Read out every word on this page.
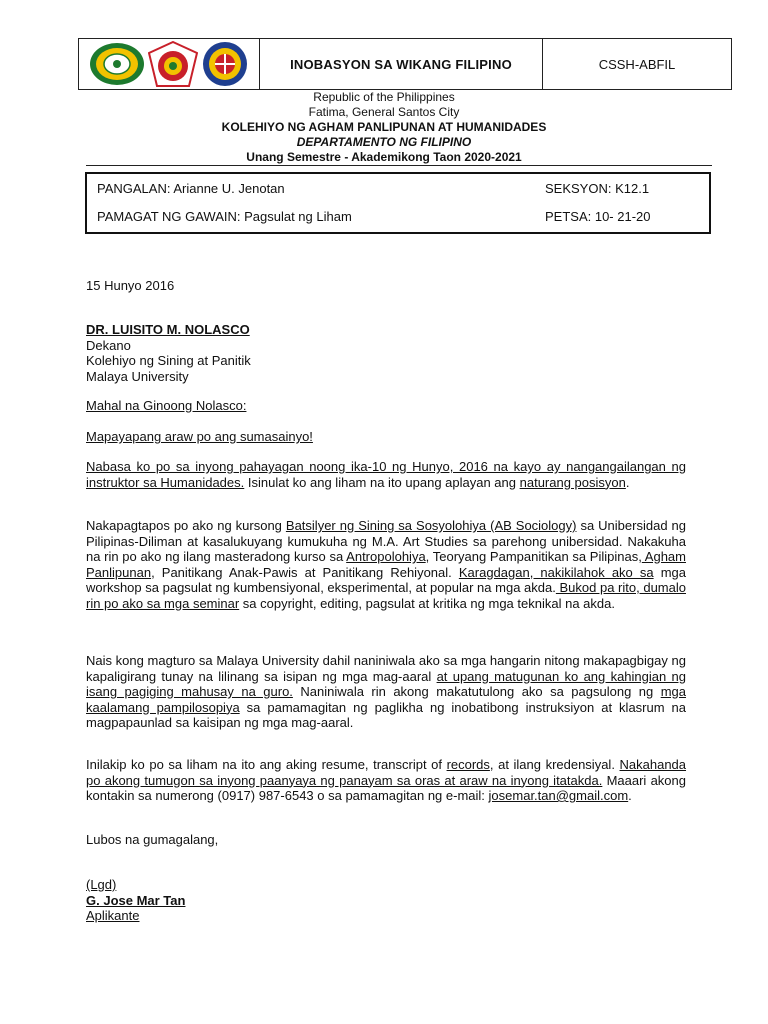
INOBASYON SA WIKANG FILIPINO	CSSH-ABFIL
Republic of the Philippines
Fatima, General Santos City
KOLEHIYO NG AGHAM PANLIPUNAN AT HUMANIDADES
DEPARTAMENTO NG FILIPINO
Unang Semestre - Akademikong Taon 2020-2021
PANGALAN: Arianne U. Jenotan	SEKSYON: K12.1
PAMAGAT NG GAWAIN: Pagsulat ng Liham	PETSA: 10- 21-20

15 Hunyo 2016

DR. LUISITO M. NOLASCO
Dekano
Kolehiyo ng Sining at Panitik
Malaya University

Mahal na Ginoong Nolasco:

Mapayapang araw po ang sumasainyo!

Nabasa ko po sa inyong pahayagan noong ika-10 ng Hunyo, 2016 na kayo ay nangangailangan ng instruktor sa Humanidades. Isinulat ko ang liham na ito upang aplayan ang naturang posisyon.

Nakapagtapos po ako ng kursong Batsilyer ng Sining sa Sosyolohiya (AB Sociology) sa Unibersidad ng Pilipinas-Diliman at kasalukuyang kumukuha ng M.A. Art Studies sa parehong unibersidad. Nakakuha na rin po ako ng ilang masteradong kurso sa Antropolohiya, Teoryang Pampanitikan sa Pilipinas, Agham Panlipunan, Panitikang Anak-Pawis at Panitikang Rehiyonal. Karagdagan, nakikilahok ako sa mga workshop sa pagsulat ng kumbensiyonal, eksperimental, at popular na mga akda. Bukod pa rito, dumalo rin po ako sa mga seminar sa copyright, editing, pagsulat at kritika ng mga teknikal na akda.

Nais kong magturo sa Malaya University dahil naniniwala ako sa mga hangarin nitong makapagbigay ng kapaligirang tunay na lilinang sa isipan ng mga mag-aaral at upang matugunan ko ang kahingian ng isang pagiging mahusay na guro. Naniniwala rin akong makatutulong ako sa pagsulong ng mga kaalamang pampilosopiya sa pamamagitan ng paglikha ng inobatibong instruksiyon at klasrum na magpapaunlad sa kaisipan ng mga mag-aaral.

Inilakip ko po sa liham na ito ang aking resume, transcript of records, at ilang kredensiyal. Nakahanda po akong tumugon sa inyong paanyaya ng panayam sa oras at araw na inyong itatakda. Maaari akong kontakin sa numerong (0917) 987-6543 o sa pamamagitan ng e-mail: josemar.tan@gmail.com.

Lubos na gumagalang,

(Lgd)
G. Jose Mar Tan
Aplikante
